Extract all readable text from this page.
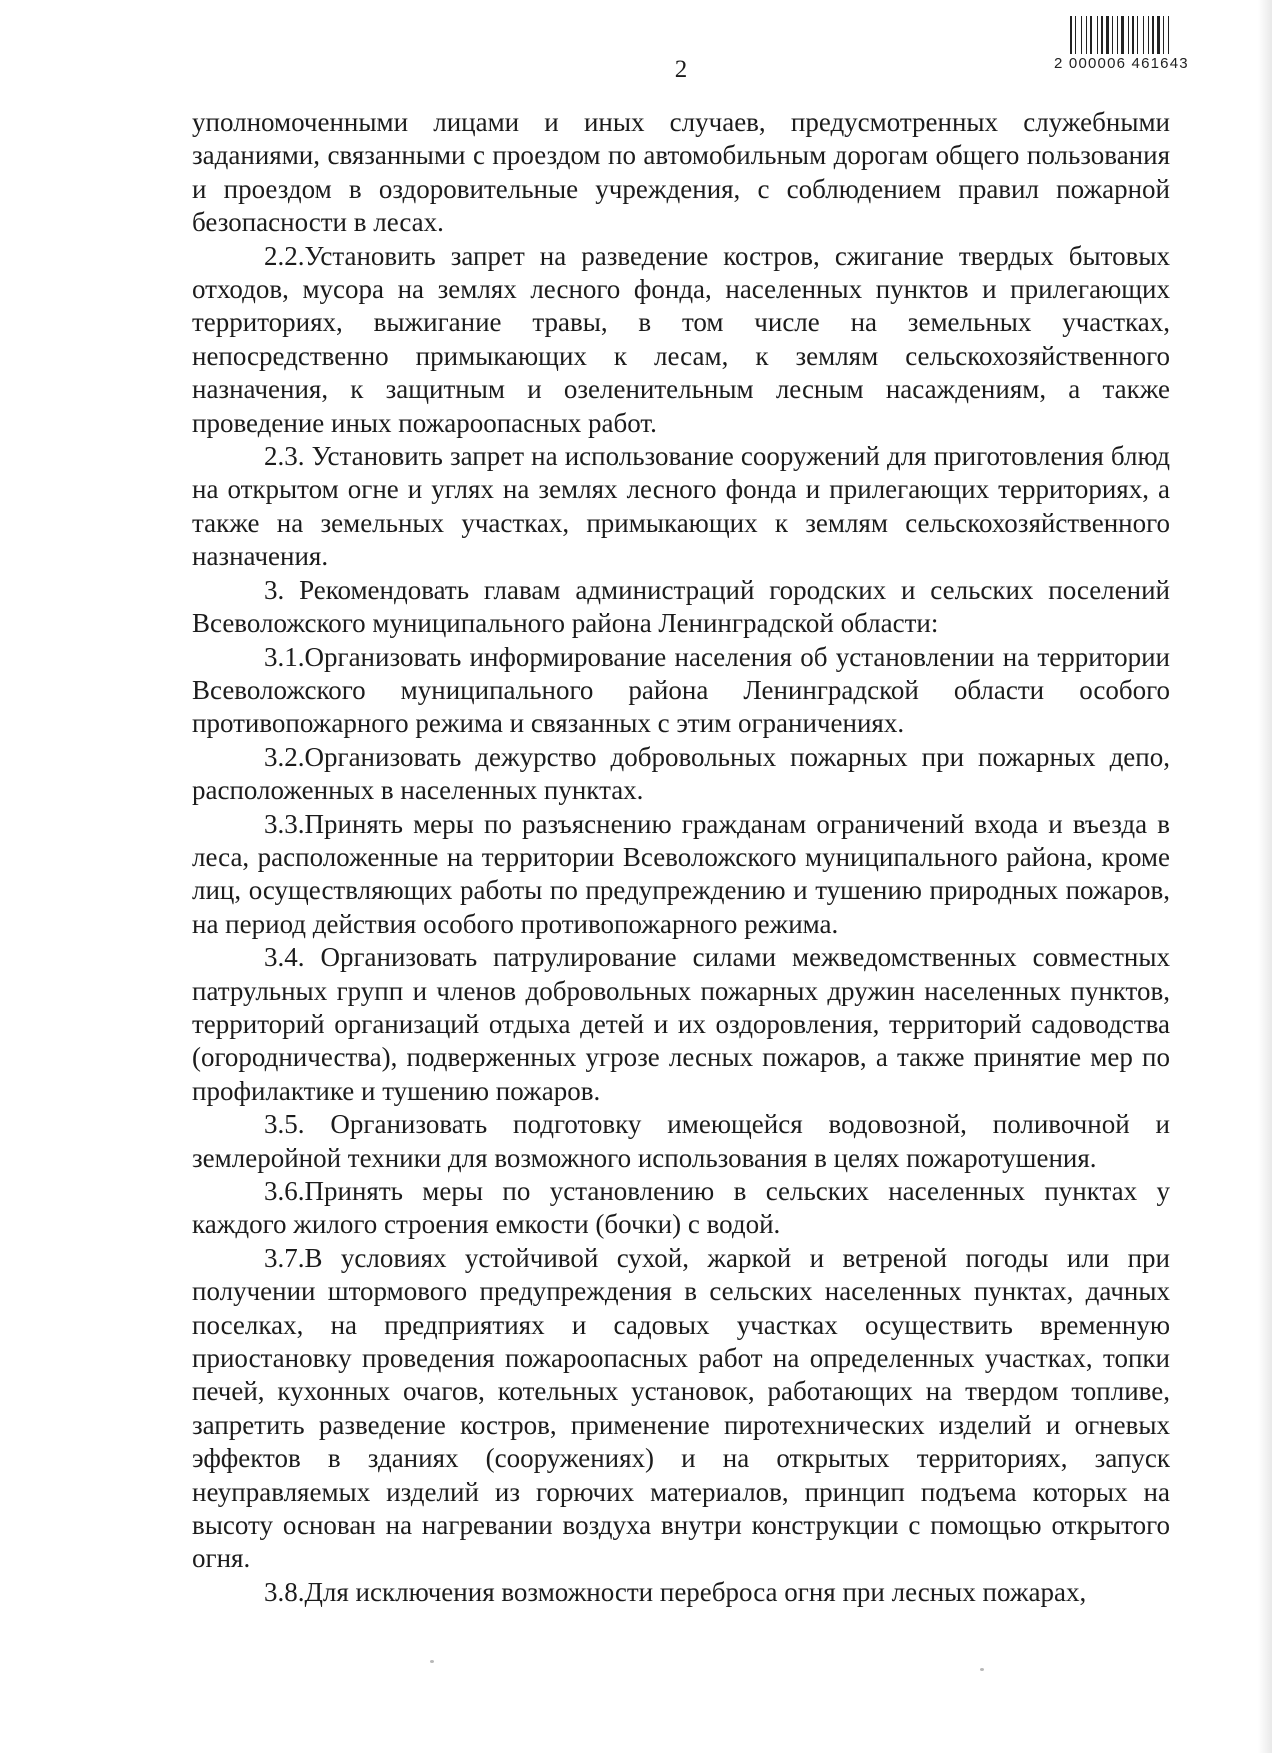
2 000006 461643
2

уполномоченными лицами и иных случаев, предусмотренных служебными заданиями, связанными с проездом по автомобильным дорогам общего пользования и проездом в оздоровительные учреждения, с соблюдением правил пожарной безопасности в лесах.

2.2.Установить запрет на разведение костров, сжигание твердых бытовых отходов, мусора на землях лесного фонда, населенных пунктов и прилегающих территориях, выжигание травы, в том числе на земельных участках, непосредственно примыкающих к лесам, к землям сельскохозяйственного назначения, к защитным и озеленительным лесным насаждениям, а также проведение иных пожароопасных работ.

2.3. Установить запрет на использование сооружений для приготовления блюд на открытом огне и углях на землях лесного фонда и прилегающих территориях, а также на земельных участках, примыкающих к землям сельскохозяйственного назначения.

3. Рекомендовать главам администраций городских и сельских поселений Всеволожского муниципального района Ленинградской области:

3.1.Организовать информирование населения об установлении на территории Всеволожского муниципального района Ленинградской области особого противопожарного режима и связанных с этим ограничениях.

3.2.Организовать дежурство добровольных пожарных при пожарных депо, расположенных в населенных пунктах.

3.3.Принять меры по разъяснению гражданам ограничений входа и въезда в леса, расположенные на территории Всеволожского муниципального района, кроме лиц, осуществляющих работы по предупреждению и тушению природных пожаров, на период действия особого противопожарного режима.

3.4. Организовать патрулирование силами межведомственных совместных патрульных групп и членов добровольных пожарных дружин населенных пунктов, территорий организаций отдыха детей и их оздоровления, территорий садоводства (огородничества), подверженных угрозе лесных пожаров, а также принятие мер по профилактике и тушению пожаров.

3.5. Организовать подготовку имеющейся водовозной, поливочной и землеройной техники для возможного использования в целях пожаротушения.

3.6.Принять меры по установлению в сельских населенных пунктах у каждого жилого строения емкости (бочки) с водой.

3.7.В условиях устойчивой сухой, жаркой и ветреной погоды или при получении штормового предупреждения в сельских населенных пунктах, дачных поселках, на предприятиях и садовых участках осуществить временную приостановку проведения пожароопасных работ на определенных участках, топки печей, кухонных очагов, котельных установок, работающих на твердом топливе, запретить разведение костров, применение пиротехнических изделий и огневых эффектов в зданиях (сооружениях) и на открытых территориях, запуск неуправляемых изделий из горючих материалов, принцип подъема которых на высоту основан на нагревании воздуха внутри конструкции с помощью открытого огня.

3.8.Для исключения возможности переброса огня при лесных пожарах,
